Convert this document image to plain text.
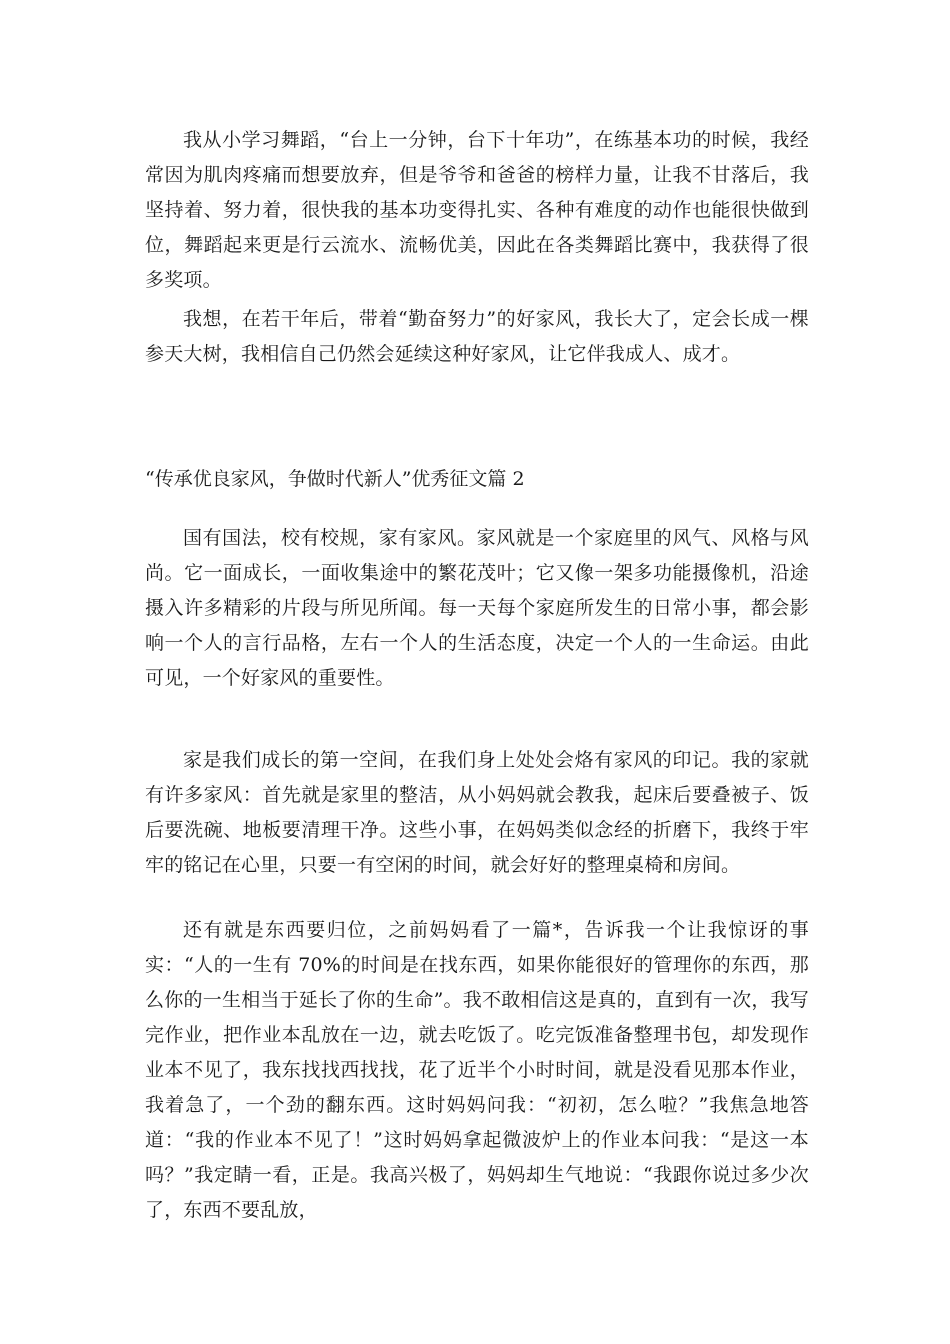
我从小学习舞蹈，“台上一分钟，台下十年功”，在练基本功的时候，我经常因为肌肉疼痛而想要放弃，但是爷爷和爸爸的榜样力量，让我不甘落后，我坚持着、努力着，很快我的基本功变得扎实、各种有难度的动作也能很快做到位，舞蹈起来更是行云流水、流畅优美，因此在各类舞蹈比赛中，我获得了很多奖项。

我想，在若干年后，带着“勤奋努力”的好家风，我长大了，定会长成一棵参天大树，我相信自己仍然会延续这种好家风，让它伴我成人、成才。

“传承优良家风，争做时代新人”优秀征文篇 2

国有国法，校有校规，家有家风。家风就是一个家庭里的风气、风格与风尚。它一面成长，一面收集途中的繁花茂叶；它又像一架多功能摄像机，沿途摄入许多精彩的片段与所见所闻。每一天每个家庭所发生的日常小事，都会影响一个人的言行品格，左右一个人的生活态度，决定一个人的一生命运。由此可见，一个好家风的重要性。

家是我们成长的第一空间，在我们身上处处会烙有家风的印记。我的家就有许多家风：首先就是家里的整洁，从小妈妈就会教我，起床后要叠被子、饭后要洗碗、地板要清理干净。这些小事，在妈妈类似念经的折磨下，我终于牢牢的铭记在心里，只要一有空闲的时间，就会好好的整理桌椅和房间。

还有就是东西要归位，之前妈妈看了一篇*，告诉我一个让我惊讶的事实：“人的一生有 70%的时间是在找东西，如果你能很好的管理你的东西，那么你的一生相当于延长了你的生命”。我不敢相信这是真的，直到有一次，我写完作业，把作业本乱放在一边，就去吃饭了。吃完饭准备整理书包，却发现作业本不见了，我东找找西找找，花了近半个小时时间，就是没看见那本作业，我着急了，一个劲的翻东西。这时妈妈问我：“初初，怎么啦？”我焦急地答道：“我的作业本不见了！”这时妈妈拿起微波炉上的作业本问我：“是这一本吗？”我定睛一看，正是。我高兴极了，妈妈却生气地说：“我跟你说过多少次了，东西不要乱放，
